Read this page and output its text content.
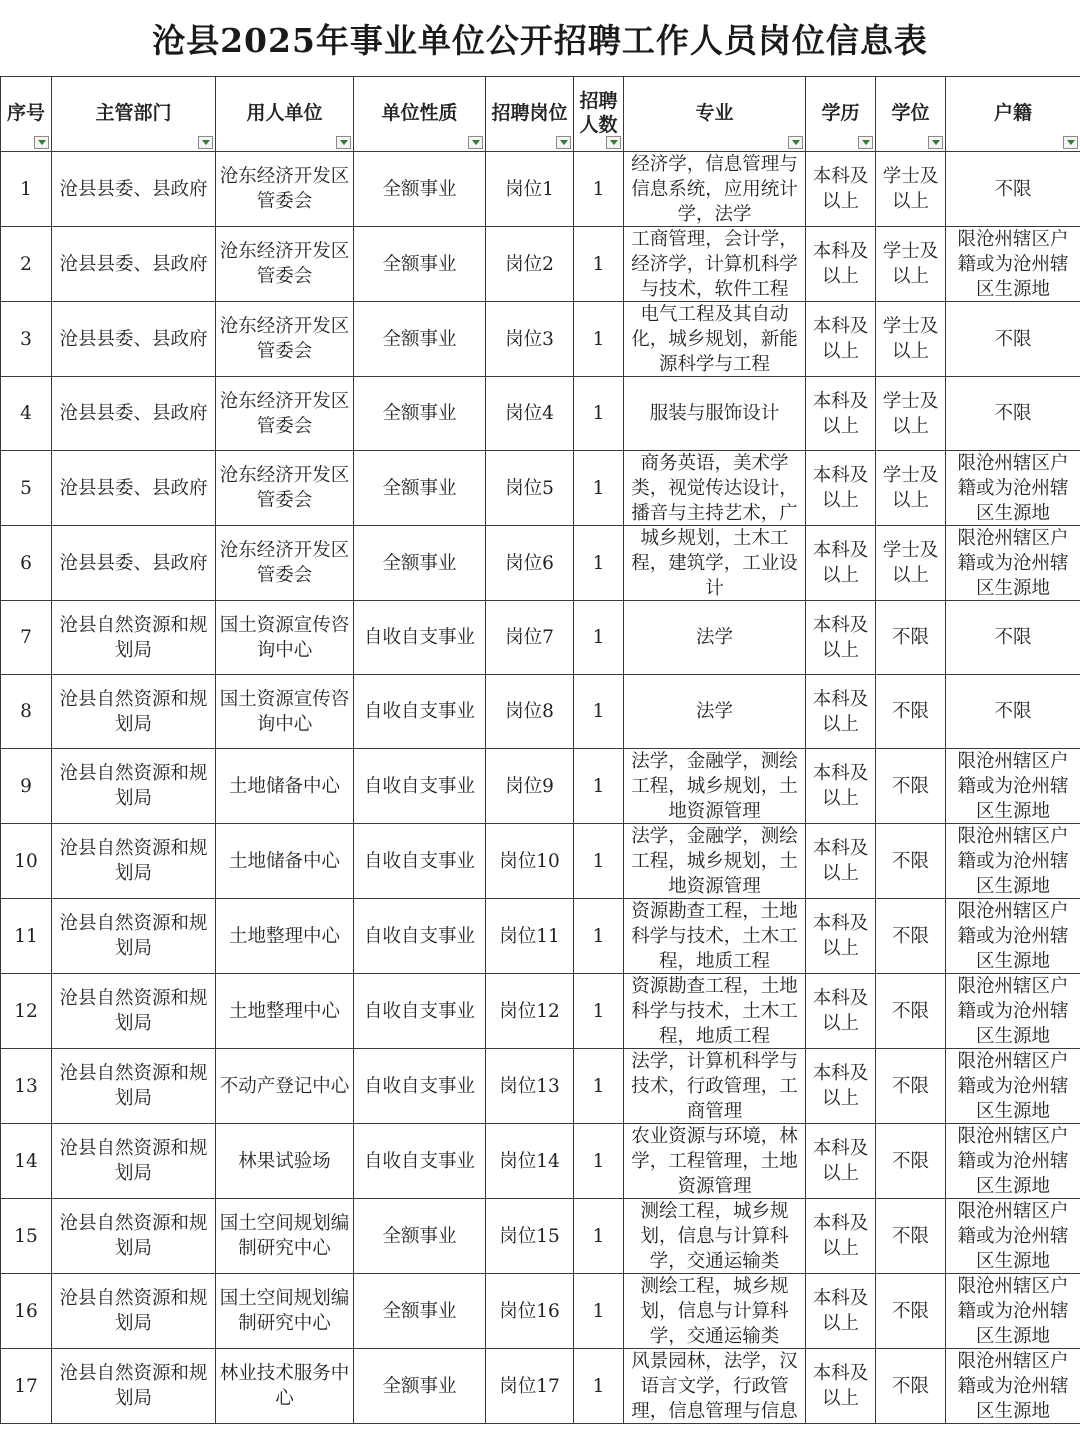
沧县2025年事业单位公开招聘工作人员岗位信息表
序号	主管部门	用人单位	单位性质	招聘岗位	招聘人数	专业	学历	学位	户籍

1	沧县县委、县政府	沧东经济开发区管委会	全额事业	岗位1	1	经济学，信息管理与信息系统，应用统计学，法学	本科及以上	学士及以上	不限

2	沧县县委、县政府	沧东经济开发区管委会	全额事业	岗位2	1	工商管理，会计学，经济学，计算机科学与技术，软件工程	本科及以上	学士及以上	限沧州辖区户籍或为沧州辖区生源地

3	沧县县委、县政府	沧东经济开发区管委会	全额事业	岗位3	1	电气工程及其自动化，城乡规划，新能源科学与工程	本科及以上	学士及以上	不限

4	沧县县委、县政府	沧东经济开发区管委会	全额事业	岗位4	1	服装与服饰设计	本科及以上	学士及以上	不限

5	沧县县委、县政府	沧东经济开发区管委会	全额事业	岗位5	1	商务英语，美术学类，视觉传达设计，播音与主持艺术，广	本科及以上	学士及以上	限沧州辖区户籍或为沧州辖区生源地

6	沧县县委、县政府	沧东经济开发区管委会	全额事业	岗位6	1	城乡规划，土木工程，建筑学，工业设计	本科及以上	学士及以上	限沧州辖区户籍或为沧州辖区生源地

7	沧县自然资源和规划局	国土资源宣传咨询中心	自收自支事业	岗位7	1	法学	本科及以上	不限	不限

8	沧县自然资源和规划局	国土资源宣传咨询中心	自收自支事业	岗位8	1	法学	本科及以上	不限	不限

9	沧县自然资源和规划局	土地储备中心	自收自支事业	岗位9	1	法学，金融学，测绘工程，城乡规划，土地资源管理	本科及以上	不限	限沧州辖区户籍或为沧州辖区生源地

10	沧县自然资源和规划局	土地储备中心	自收自支事业	岗位10	1	法学，金融学，测绘工程，城乡规划，土地资源管理	本科及以上	不限	限沧州辖区户籍或为沧州辖区生源地

11	沧县自然资源和规划局	土地整理中心	自收自支事业	岗位11	1	资源勘查工程，土地科学与技术，土木工程，地质工程	本科及以上	不限	限沧州辖区户籍或为沧州辖区生源地

12	沧县自然资源和规划局	土地整理中心	自收自支事业	岗位12	1	资源勘查工程，土地科学与技术，土木工程，地质工程	本科及以上	不限	限沧州辖区户籍或为沧州辖区生源地

13	沧县自然资源和规划局	不动产登记中心	自收自支事业	岗位13	1	法学，计算机科学与技术，行政管理，工商管理	本科及以上	不限	限沧州辖区户籍或为沧州辖区生源地

14	沧县自然资源和规划局	林果试验场	自收自支事业	岗位14	1	农业资源与环境，林学，工程管理，土地资源管理	本科及以上	不限	限沧州辖区户籍或为沧州辖区生源地

15	沧县自然资源和规划局	国土空间规划编制研究中心	全额事业	岗位15	1	测绘工程，城乡规划，信息与计算科学，交通运输类	本科及以上	不限	限沧州辖区户籍或为沧州辖区生源地

16	沧县自然资源和规划局	国土空间规划编制研究中心	全额事业	岗位16	1	测绘工程，城乡规划，信息与计算科学，交通运输类	本科及以上	不限	限沧州辖区户籍或为沧州辖区生源地

17	沧县自然资源和规划局	林业技术服务中心	全额事业	岗位17	1	风景园林，法学，汉语言文学，行政管理，信息管理与信息	本科及以上	不限	限沧州辖区户籍或为沧州辖区生源地
